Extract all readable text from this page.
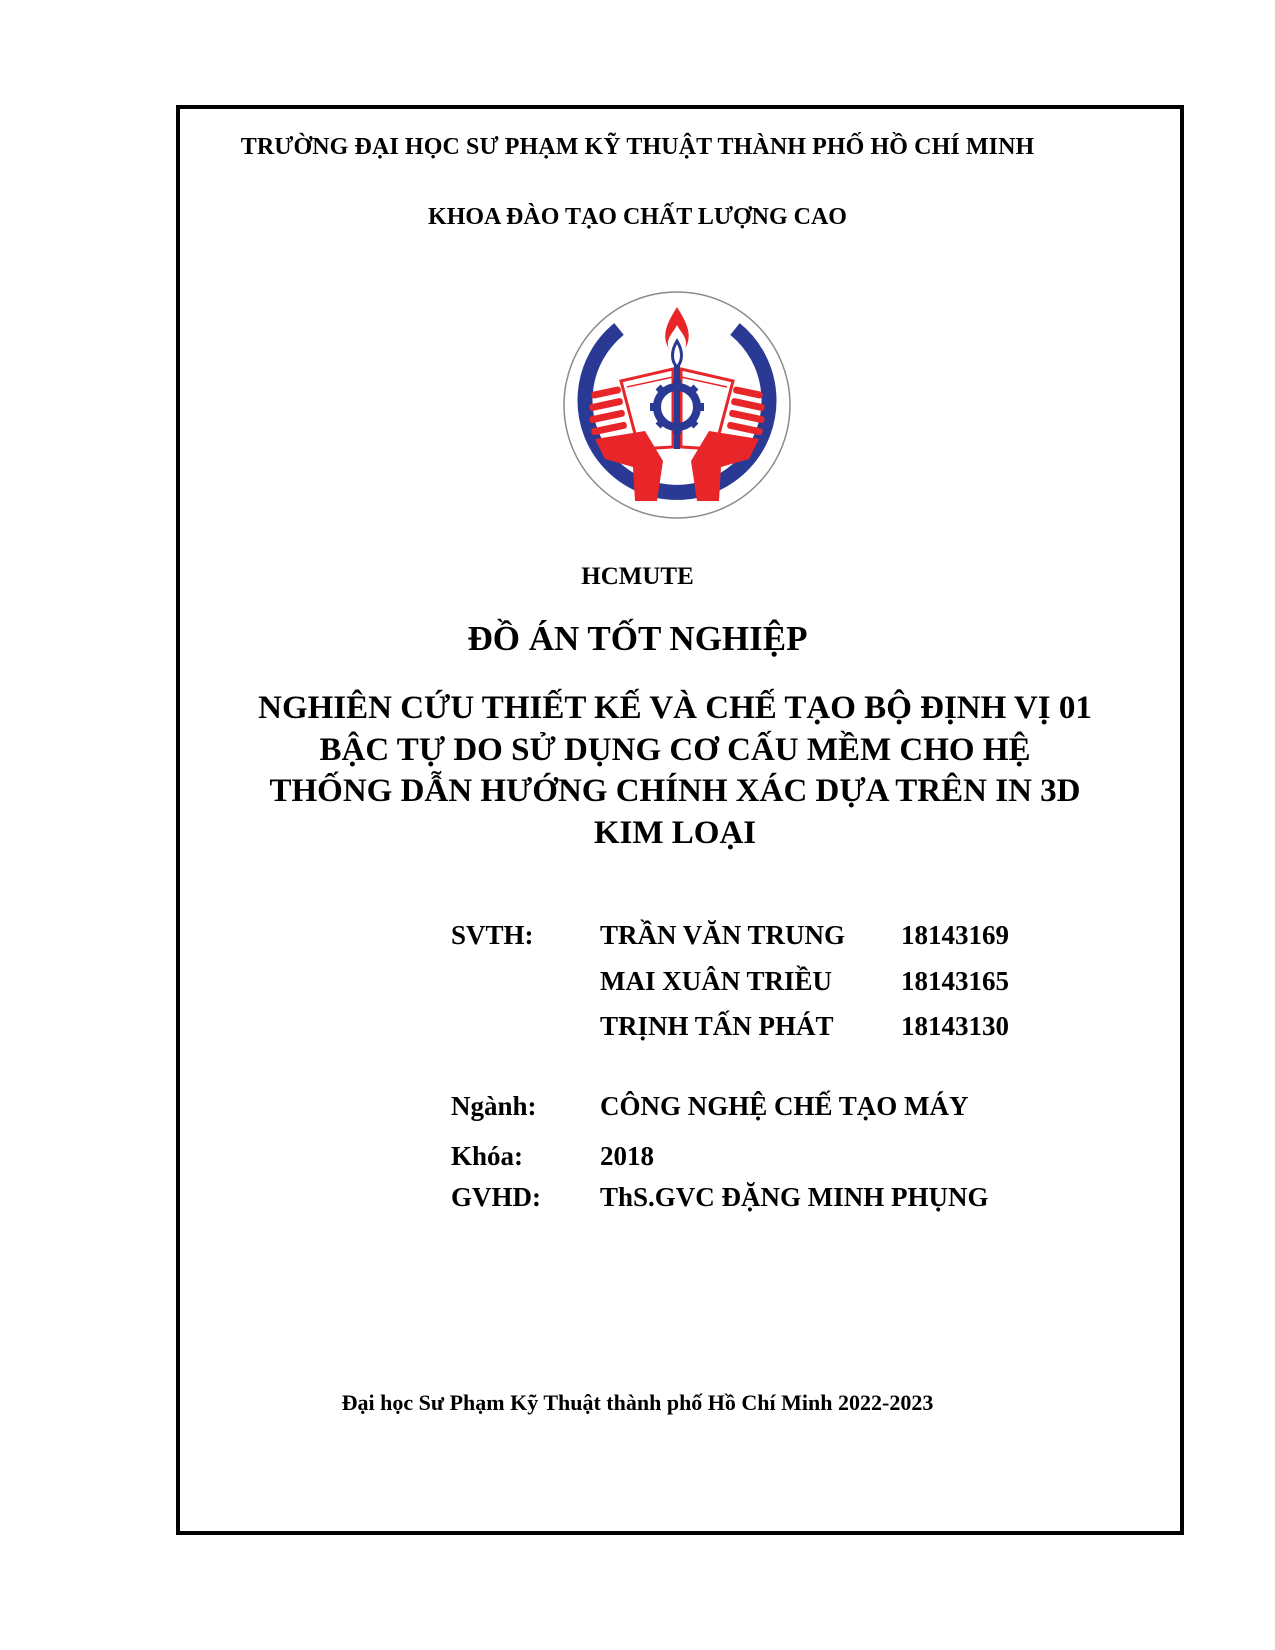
TRƯỜNG ĐẠI HỌC SƯ PHẠM KỸ THUẬT THÀNH PHỐ HỒ CHÍ MINH
KHOA ĐÀO TẠO CHẤT LƯỢNG CAO
HCMUTE
ĐỒ ÁN TỐT NGHIỆP
NGHIÊN CỨU THIẾT KẾ VÀ CHẾ TẠO BỘ ĐỊNH VỊ 01
BẬC TỰ DO SỬ DỤNG CƠ CẤU MỀM CHO HỆ
THỐNG DẪN HƯỚNG CHÍNH XÁC DỰA TRÊN IN 3D
KIM LOẠI
SVTH: TRẦN VĂN TRUNG 18143169
MAI XUÂN TRIỀU	18143165
TRỊNH TẤN PHÁT 18143130
Ngành: CÔNG NGHỆ CHẾ TẠO MÁY
Khóa:	2018
GVHD: ThS.GVC ĐẶNG MINH PHỤNG
Đại học Sư Phạm Kỹ Thuật thành phố Hồ Chí Minh 2022-2023
